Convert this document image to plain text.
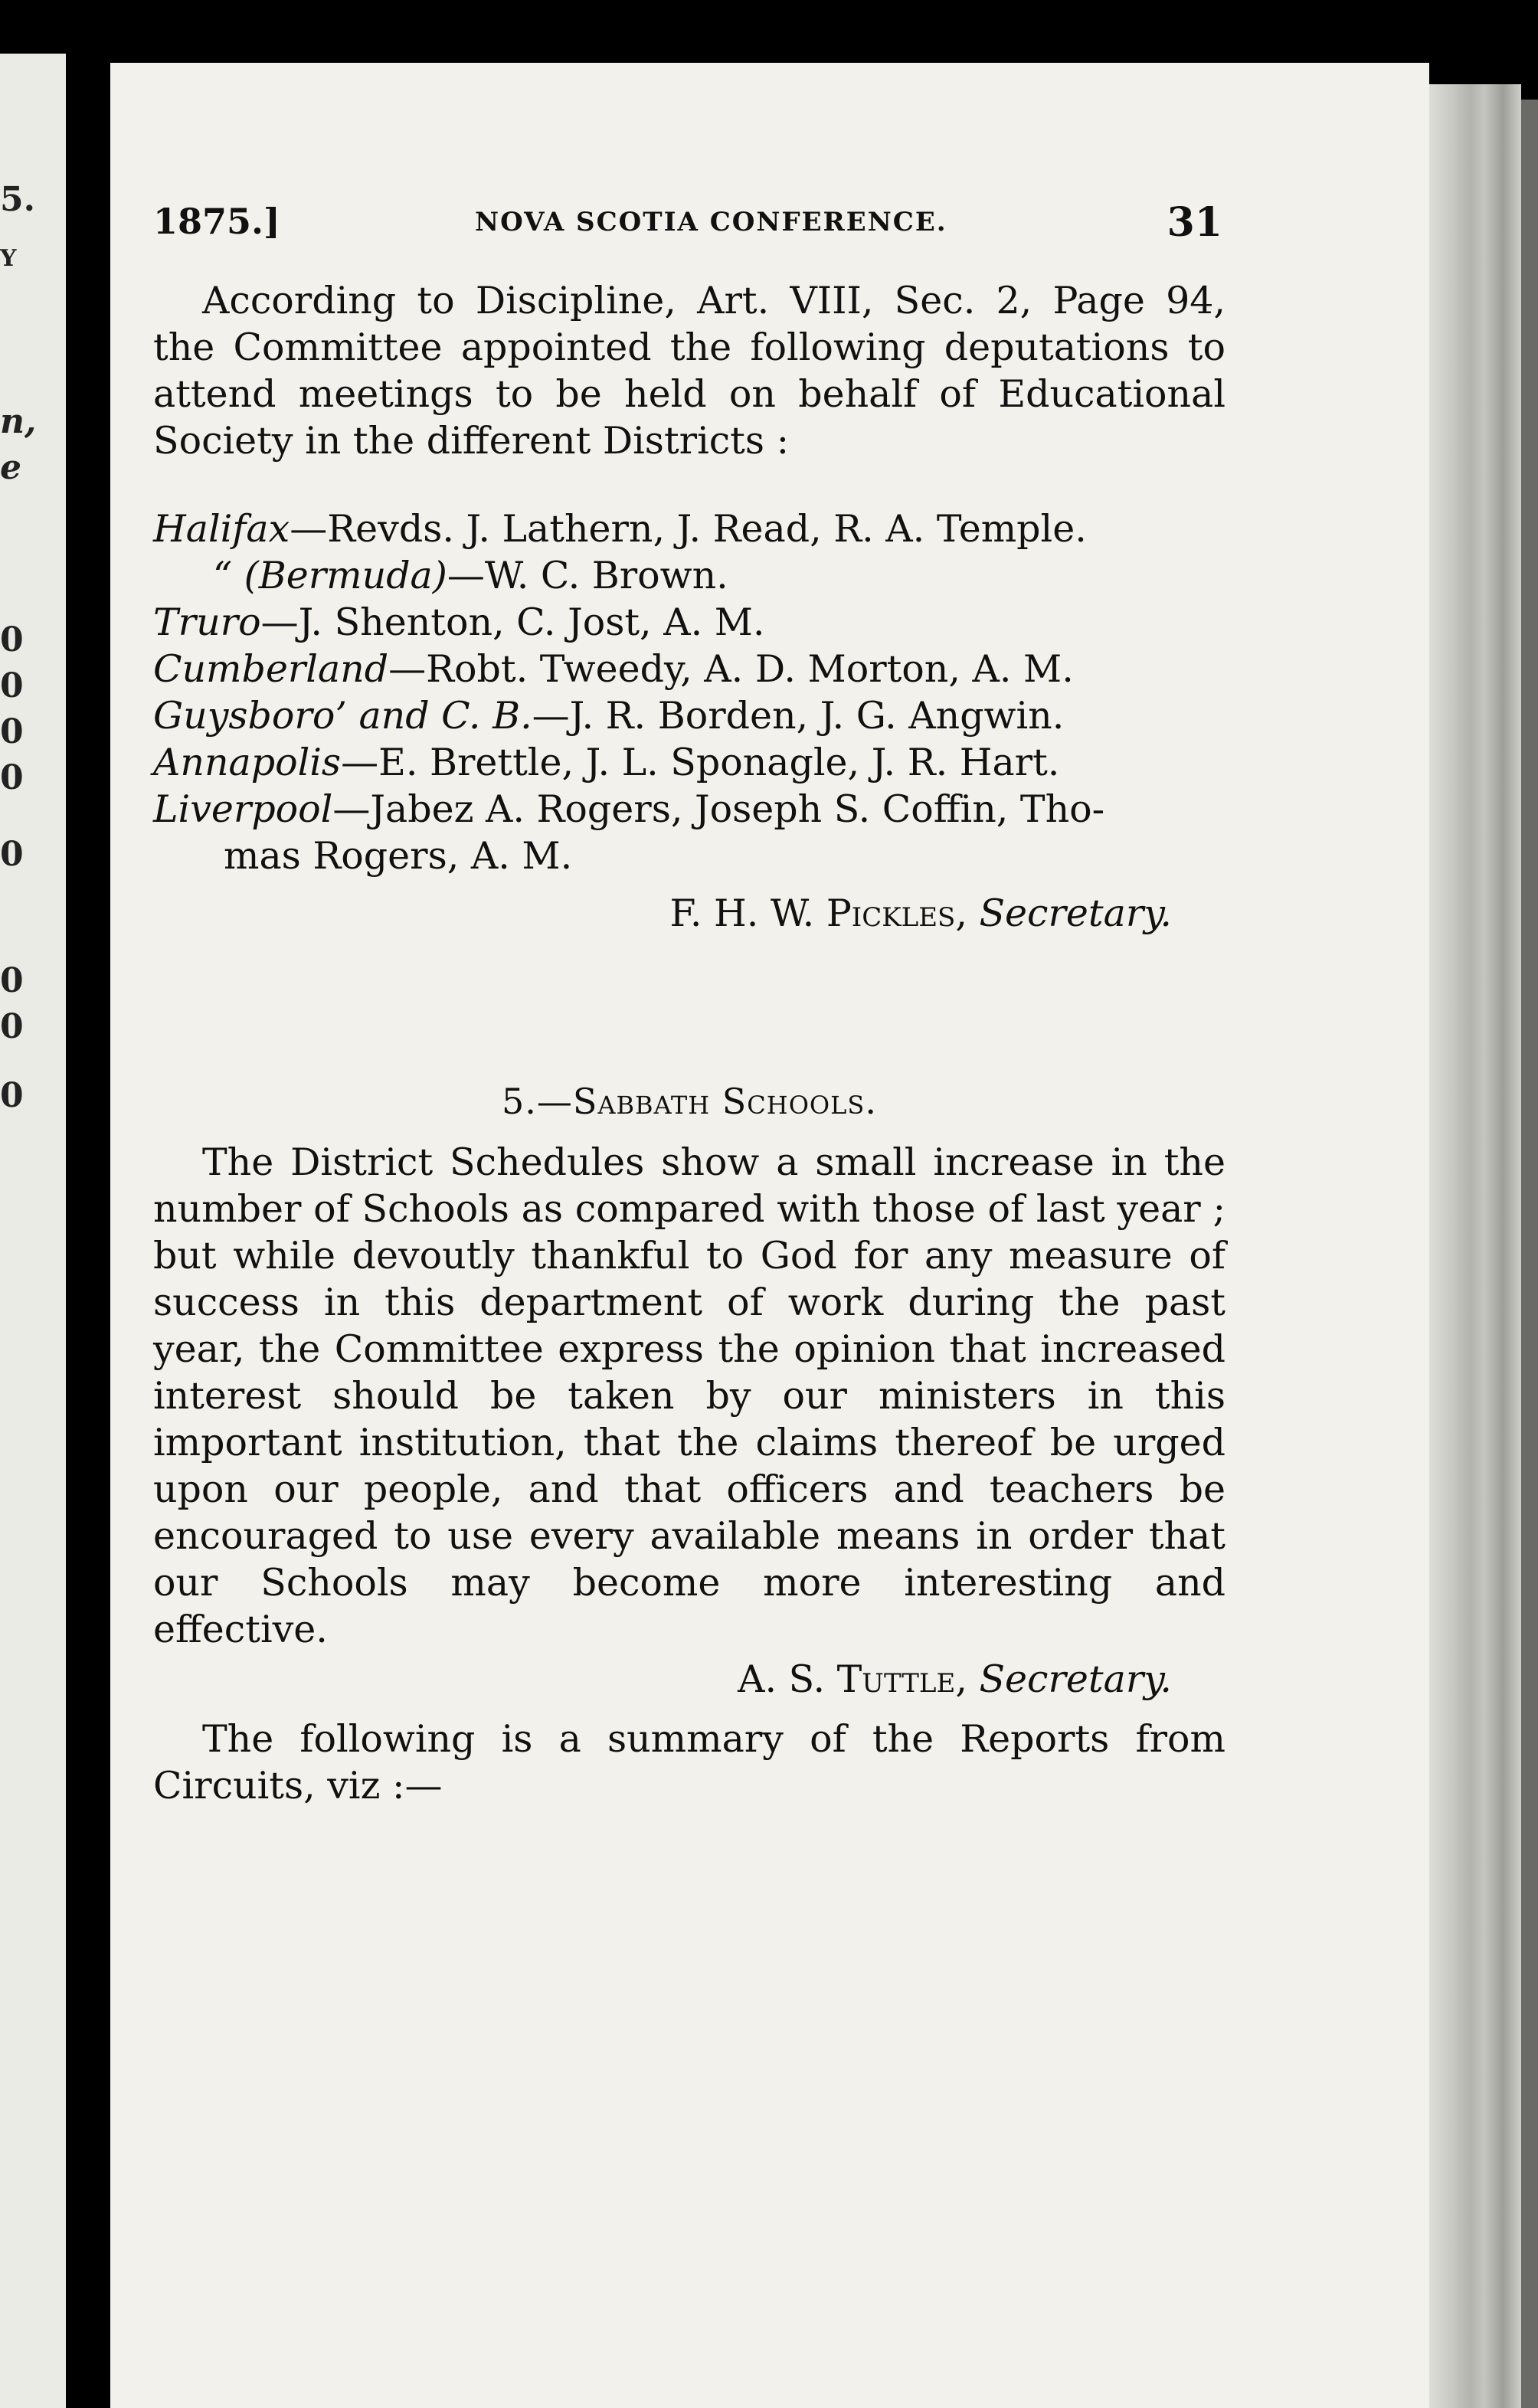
5.
Y
n,
e
0
0
0
0
0
0
0
0
1875.]	NOVA SCOTIA CONFERENCE.	31

According to Discipline, Art. VIII, Sec. 2, Page 94, the Committee appointed the following deputations to attend meetings to be held on behalf of Educational Society in the different Districts :

Halifax—Revds. J. Lathern, J. Read, R. A. Temple.

“ (Bermuda)—W. C. Brown.

Truro—J. Shenton, C. Jost, A. M.

Cumberland—Robt. Tweedy, A. D. Morton, A. M.

Guysboro’ and C. B.—J. R. Borden, J. G. Angwin.

Annapolis—E. Brettle, J. L. Sponagle, J. R. Hart.

Liverpool—Jabez A. Rogers, Joseph S. Coffin, Tho-

mas Rogers, A. M.

F. H. W. Pickles, Secretary.

5.—Sabbath Schools.

The District Schedules show a small increase in the number of Schools as compared with those of last year ; but while devoutly thankful to God for any measure of success in this department of work during the past year, the Committee express the opinion that increased interest should be taken by our ministers in this important institution, that the claims thereof be urged upon our people, and that officers and teachers be encouraged to use every available means in order that our Schools may become more interesting and effective.

A. S. Tuttle, Secretary.

The following is a summary of the Reports from Circuits, viz :—
